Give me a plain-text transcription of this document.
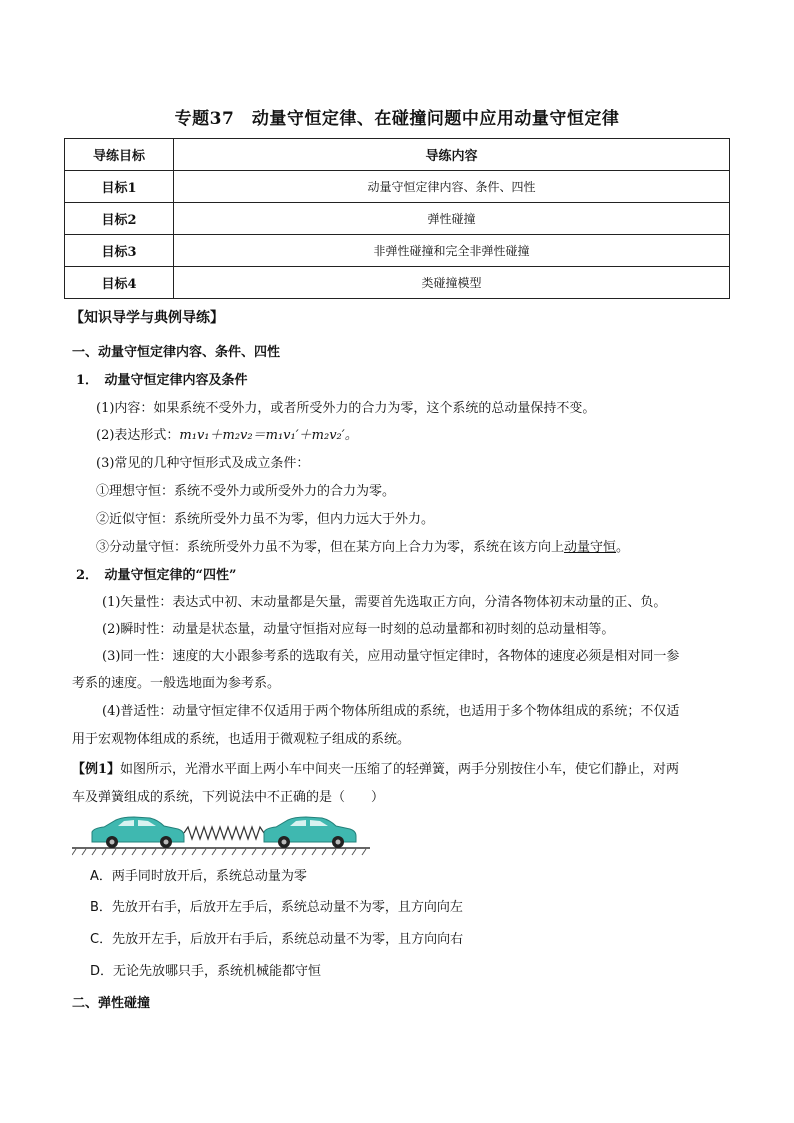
专题37　动量守恒定律、在碰撞问题中应用动量守恒定律
导练目标	导练内容
目标1	动量守恒定律内容、条件、四性
目标2	弹性碰撞
目标3	非弹性碰撞和完全非弹性碰撞
目标4	类碰撞模型
【知识导学与典例导练】
一、动量守恒定律内容、条件、四性
1．　动量守恒定律内容及条件
(1)内容：如果系统不受外力，或者所受外力的合力为零，这个系统的总动量保持不变。
(2)表达形式：m₁v₁＋m₂v₂＝m₁v₁′＋m₂v₂′。
(3)常见的几种守恒形式及成立条件：
①理想守恒：系统不受外力或所受外力的合力为零。
②近似守恒：系统所受外力虽不为零，但内力远大于外力。
③分动量守恒：系统所受外力虽不为零，但在某方向上合力为零，系统在该方向上动量守恒。
2．　动量守恒定律的“四性”
(1)矢量性：表达式中初、末动量都是矢量，需要首先选取正方向，分清各物体初末动量的正、负。
(2)瞬时性：动量是状态量，动量守恒指对应每一时刻的总动量都和初时刻的总动量相等。
(3)同一性：速度的大小跟参考系的选取有关，应用动量守恒定律时，各物体的速度必须是相对同一参
考系的速度。一般选地面为参考系。
(4)普适性：动量守恒定律不仅适用于两个物体所组成的系统，也适用于多个物体组成的系统；不仅适
用于宏观物体组成的系统，也适用于微观粒子组成的系统。
【例1】如图所示，光滑水平面上两小车中间夹一压缩了的轻弹簧，两手分别按住小车，使它们静止，对两
车及弹簧组成的系统，下列说法中不正确的是（　　）
A．两手同时放开后，系统总动量为零
B．先放开右手，后放开左手后，系统总动量不为零，且方向向左
C．先放开左手，后放开右手后，系统总动量不为零，且方向向右
D．无论先放哪只手，系统机械能都守恒
二、弹性碰撞
